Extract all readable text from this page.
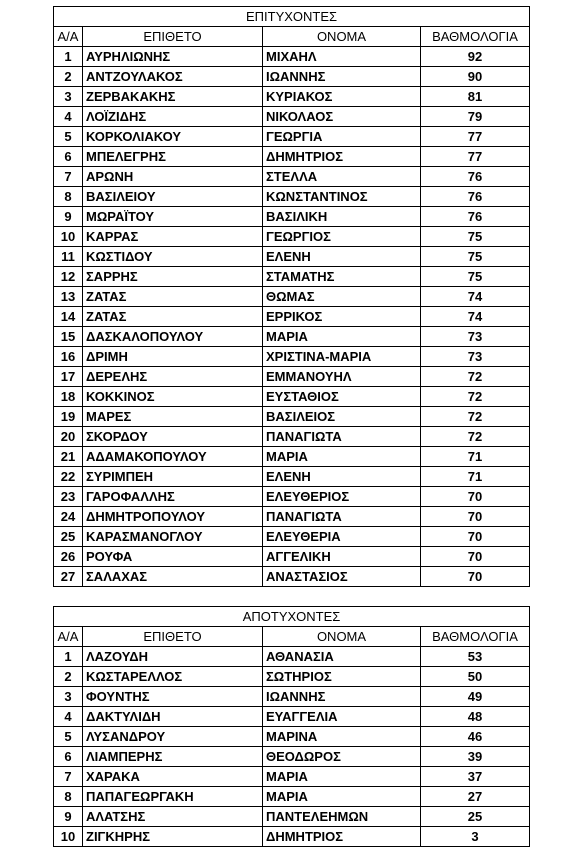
ΕΠΙΤΥΧΟΝΤΕΣ			
Α/Α	ΕΠΙΘΕΤΟ	ΟΝΟΜΑ	ΒΑΘΜΟΛΟΓΙΑ
1	ΑΥΡΗΛΙΩΝΗΣ	ΜΙΧΑΗΛ	92
2	ΑΝΤΖΟΥΛΑΚΟΣ	ΙΩΑΝΝΗΣ	90
3	ΖΕΡΒΑΚΑΚΗΣ	ΚΥΡΙΑΚΟΣ	81
4	ΛΟΪΖΙΔΗΣ	ΝΙΚΟΛΑΟΣ	79
5	ΚΟΡΚΟΛΙΑΚΟΥ	ΓΕΩΡΓΙΑ	77
6	ΜΠΕΛΕΓΡΗΣ	ΔΗΜΗΤΡΙΟΣ	77
7	ΑΡΩΝΗ	ΣΤΕΛΛΑ	76
8	ΒΑΣΙΛΕΙΟΥ	ΚΩΝΣΤΑΝΤΙΝΟΣ	76
9	ΜΩΡΑΪΤΟΥ	ΒΑΣΙΛΙΚΗ	76
10	ΚΑΡΡΑΣ	ΓΕΩΡΓΙΟΣ	75
11	ΚΩΣΤΙΔΟΥ	ΕΛΕΝΗ	75
12	ΣΑΡΡΗΣ	ΣΤΑΜΑΤΗΣ	75
13	ΖΑΤΑΣ	ΘΩΜΑΣ	74
14	ΖΑΤΑΣ	ΕΡΡΙΚΟΣ	74
15	ΔΑΣΚΑΛΟΠΟΥΛΟΥ	ΜΑΡΙΑ	73
16	ΔΡΙΜΗ	ΧΡΙΣΤΙΝΑ-ΜΑΡΙΑ	73
17	ΔΕΡΕΛΗΣ	ΕΜΜΑΝΟΥΗΛ	72
18	ΚΟΚΚΙΝΟΣ	ΕΥΣΤΑΘΙΟΣ	72
19	ΜΑΡΕΣ	ΒΑΣΙΛΕΙΟΣ	72
20	ΣΚΟΡΔΟΥ	ΠΑΝΑΓΙΩΤΑ	72
21	ΑΔΑΜΑΚΟΠΟΥΛΟΥ	ΜΑΡΙΑ	71
22	ΣΥΡΙΜΠΕΗ	ΕΛΕΝΗ	71
23	ΓΑΡΟΦΑΛΛΗΣ	ΕΛΕΥΘΕΡΙΟΣ	70
24	ΔΗΜΗΤΡΟΠΟΥΛΟΥ	ΠΑΝΑΓΙΩΤΑ	70
25	ΚΑΡΑΣΜΑΝΟΓΛΟΥ	ΕΛΕΥΘΕΡΙΑ	70
26	ΡΟΥΦΑ	ΑΓΓΕΛΙΚΗ	70
27	ΣΑΛΑΧΑΣ	ΑΝΑΣΤΑΣΙΟΣ	70
ΑΠΟΤΥΧΟΝΤΕΣ			
Α/Α	ΕΠΙΘΕΤΟ	ΟΝΟΜΑ	ΒΑΘΜΟΛΟΓΙΑ
1	ΛΑΖΟΥΔΗ	ΑΘΑΝΑΣΙΑ	53
2	ΚΩΣΤΑΡΕΛΛΟΣ	ΣΩΤΗΡΙΟΣ	50
3	ΦΟΥΝΤΗΣ	ΙΩΑΝΝΗΣ	49
4	ΔΑΚΤΥΛΙΔΗ	ΕΥΑΓΓΕΛΙΑ	48
5	ΛΥΣΑΝΔΡΟΥ	ΜΑΡΙΝΑ	46
6	ΛΙΑΜΠΕΡΗΣ	ΘΕΟΔΩΡΟΣ	39
7	ΧΑΡΑΚΑ	ΜΑΡΙΑ	37
8	ΠΑΠΑΓΕΩΡΓΑΚΗ	ΜΑΡΙΑ	27
9	ΑΛΑΤΣΗΣ	ΠΑΝΤΕΛΕΗΜΩΝ	25
10	ΖΙΓΚΗΡΗΣ	ΔΗΜΗΤΡΙΟΣ	3
